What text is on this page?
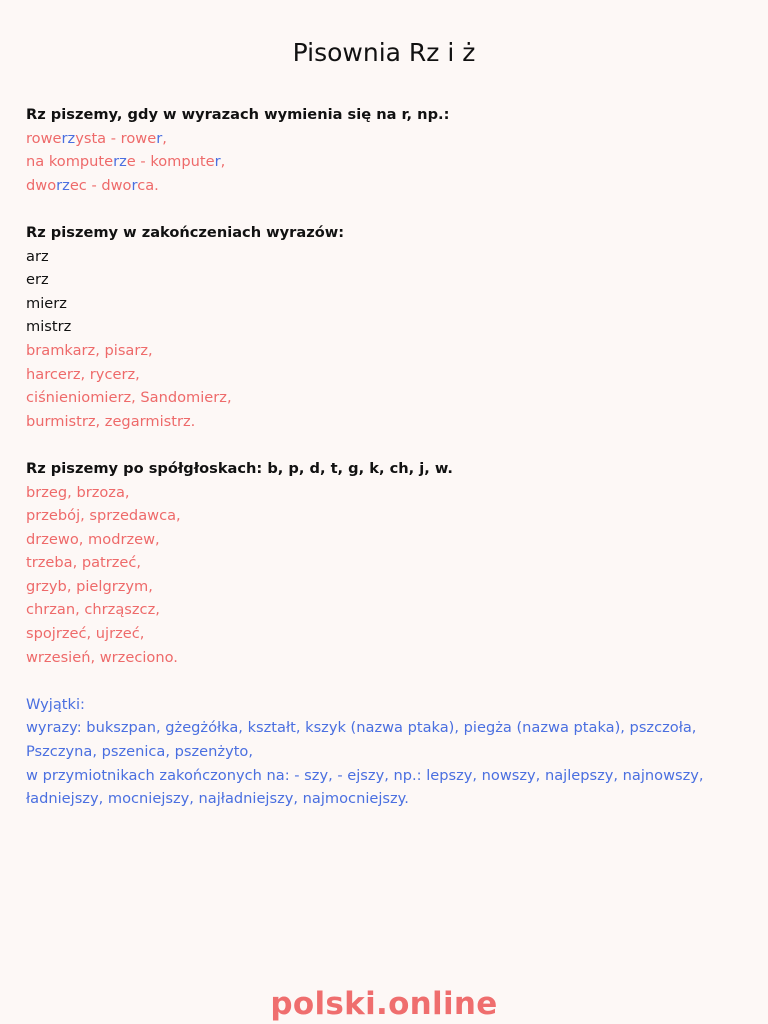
Pisownia Rz i ż
Rz piszemy, gdy w wyrazach wymienia się na r, np.:
rowerzysta - rower,
na komputerze - komputer,
dworzec - dworca.
Rz piszemy w zakończeniach wyrazów:
arz
erz
mierz
mistrz
bramkarz, pisarz,
harcerz, rycerz,
ciśnieniomierz, Sandomierz,
burmistrz, zegarmistrz.
Rz piszemy po spółgłoskach: b, p, d, t, g, k, ch, j, w.
brzeg, brzoza,
przebój, sprzedawca,
drzewo, modrzew,
trzeba, patrzeć,
grzyb, pielgrzym,
chrzan, chrząszcz,
spojrzeć, ujrzeć,
wrzesień, wrzeciono.
Wyjątki:
wyrazy: bukszpan, gżegżółka, kształt, kszyk (nazwa ptaka), piegża (nazwa ptaka), pszczoła,
Pszczyna, pszenica, pszenżyto,
w przymiotnikach zakończonych na: - szy, - ejszy, np.: lepszy, nowszy, najlepszy, najnowszy,
ładniejszy, mocniejszy, najładniejszy, najmocniejszy.
polski.online
